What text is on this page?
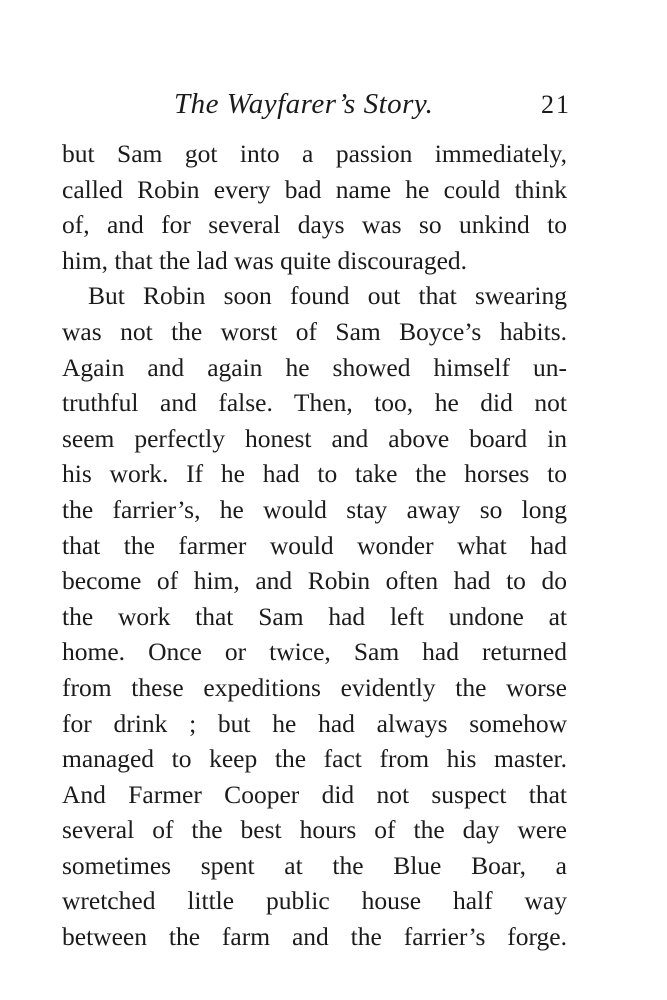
The Wayfarer’s Story.	21
but Sam got into a passion immediately,
called Robin every bad name he could think
of, and for several days was so unkind to
him, that the lad was quite discouraged.
But Robin soon found out that swearing
was not the worst of Sam Boyce’s habits.
Again and again he showed himself un-
truthful and false. Then, too, he did not
seem perfectly honest and above board in
his work. If he had to take the horses to
the farrier’s, he would stay away so long
that the farmer would wonder what had
become of him, and Robin often had to do
the work that Sam had left undone at
home. Once or twice, Sam had returned
from these expeditions evidently the worse
for drink ; but he had always somehow
managed to keep the fact from his master.
And Farmer Cooper did not suspect that
several of the best hours of the day were
sometimes spent at the Blue Boar, a
wretched little public house half way
between the farm and the farrier’s forge.
